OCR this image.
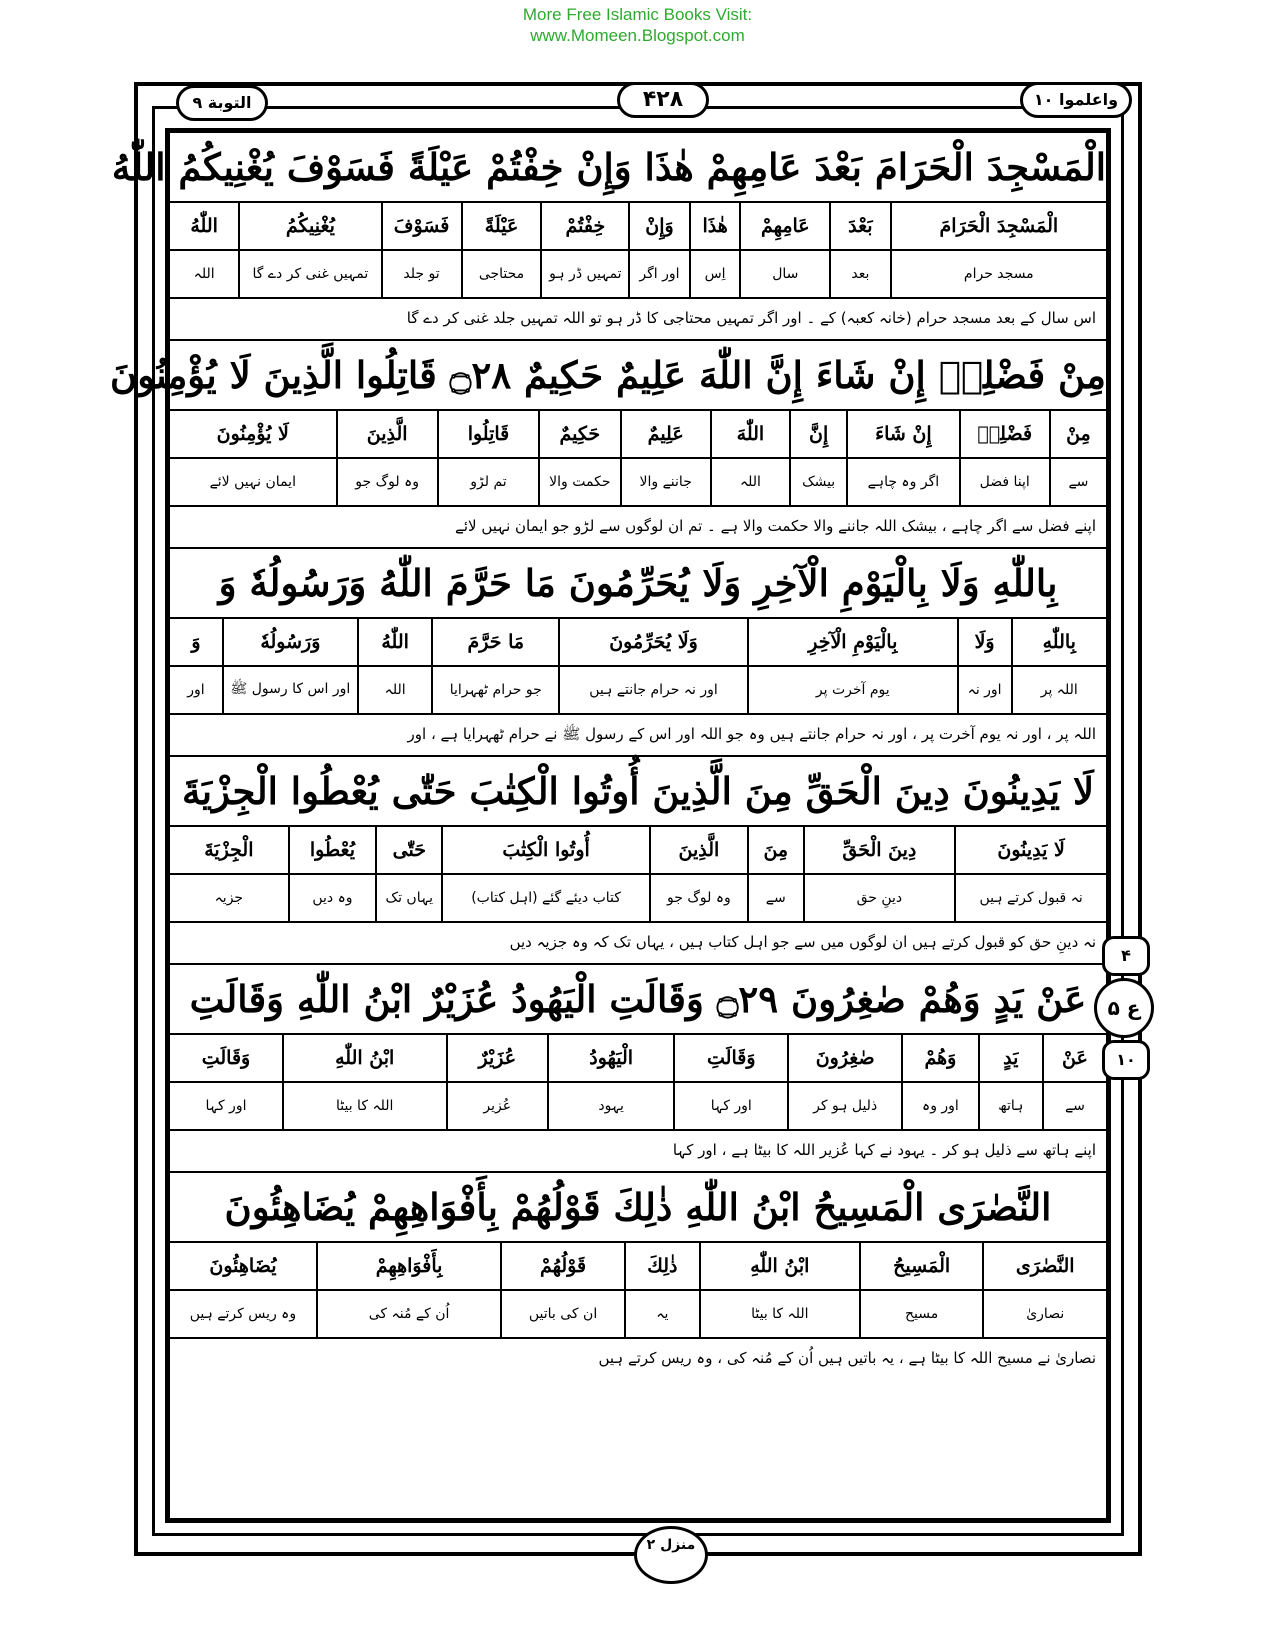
More Free Islamic Books Visit:
www.Momeen.Blogspot.com
التوبة ٩	۴۲۸	واعلموا ١٠
الْمَسْجِدَ الْحَرَامَ بَعْدَ عَامِهِمْ هٰذَا وَإِنْ خِفْتُمْ عَيْلَةً فَسَوْفَ يُغْنِيكُمُ اللّٰهُ
الْمَسْجِدَ الْحَرَامَ
مسجد حرام
بَعْدَ
بعد
عَامِهِمْ
سال
هٰذَا
اِس
وَإِنْ
اور اگر
خِفْتُمْ
تمہیں ڈر ہو
عَيْلَةً
محتاجی
فَسَوْفَ
تو جلد
يُغْنِيكُمُ
تمہیں غنی کر دے گا
اللّٰهُ
اللہ
اس سال کے بعد مسجد حرام (خانہ کعبہ) کے ۔ اور اگر تمہیں محتاجی کا ڈر ہو تو اللہ تمہیں جلد غنی کر دے گا
مِنْ فَضْلِهٖ إِنْ شَاءَ إِنَّ اللّٰهَ عَلِيمٌ حَكِيمٌ ۝٢٨ قَاتِلُوا الَّذِينَ لَا يُؤْمِنُونَ
مِنْ
سے
فَضْلِهٖ
اپنا فضل
إِنْ شَاءَ
اگر وہ چاہے
إِنَّ
بیشک
اللّٰهَ
اللہ
عَلِيمٌ
جاننے والا
حَكِيمٌ
حکمت والا
قَاتِلُوا
تم لڑو
الَّذِينَ
وہ لوگ جو
لَا يُؤْمِنُونَ
ایمان نہیں لائے
اپنے فضل سے اگر چاہے ، بیشک اللہ جاننے والا حکمت والا ہے ۔ تم ان لوگوں سے لڑو جو ایمان نہیں لائے
بِاللّٰهِ وَلَا بِالْيَوْمِ الْآخِرِ وَلَا يُحَرِّمُونَ مَا حَرَّمَ اللّٰهُ وَرَسُولُهٗ وَ
بِاللّٰهِ
اللہ پر
وَلَا
اور نہ
بِالْيَوْمِ الْآخِرِ
یوم آخرت پر
وَلَا يُحَرِّمُونَ
اور نہ حرام جانتے ہیں
مَا حَرَّمَ
جو حرام ٹھہرایا
اللّٰهُ
اللہ
وَرَسُولُهٗ
اور اس کا رسول ﷺ
وَ
اور
اللہ پر ، اور نہ یوم آخرت پر ، اور نہ حرام جانتے ہیں وہ جو اللہ اور اس کے رسول ﷺ نے حرام ٹھہرایا ہے ، اور
لَا يَدِينُونَ دِينَ الْحَقِّ مِنَ الَّذِينَ أُوتُوا الْكِتٰبَ حَتّٰى يُعْطُوا الْجِزْيَةَ
لَا يَدِينُونَ
نہ قبول کرتے ہیں
دِينَ الْحَقِّ
دینِ حق
مِنَ
سے
الَّذِينَ
وہ لوگ جو
أُوتُوا الْكِتٰبَ
کتاب دیئے گئے (اہل کتاب)
حَتّٰى
یہاں تک
يُعْطُوا
وہ دیں
الْجِزْيَةَ
جزیہ
نہ دینِ حق کو قبول کرتے ہیں ان لوگوں میں سے جو اہل کتاب ہیں ، یہاں تک کہ وہ جزیہ دیں
عَنْ يَدٍ وَهُمْ صٰغِرُونَ ۝٢٩ وَقَالَتِ الْيَهُودُ عُزَيْرٌ ابْنُ اللّٰهِ وَقَالَتِ
عَنْ
سے
يَدٍ
ہاتھ
وَهُمْ
اور وہ
صٰغِرُونَ
ذلیل ہو کر
وَقَالَتِ
اور کہا
الْيَهُودُ
یہود
عُزَيْرٌ
عُزیر
ابْنُ اللّٰهِ
اللہ کا بیٹا
وَقَالَتِ
اور کہا
اپنے ہاتھ سے ذلیل ہو کر ۔ یہود نے کہا عُزیر اللہ کا بیٹا ہے ، اور کہا
النَّصٰرَى الْمَسِيحُ ابْنُ اللّٰهِ ذٰلِكَ قَوْلُهُمْ بِأَفْوَاهِهِمْ يُضَاهِئُونَ
النَّصٰرَى
نصاریٰ
الْمَسِيحُ
مسیح
ابْنُ اللّٰهِ
اللہ کا بیٹا
ذٰلِكَ
یہ
قَوْلُهُمْ
ان کی باتیں
بِأَفْوَاهِهِمْ
اُن کے مُنہ کی
يُضَاهِئُونَ
وہ ریس کرتے ہیں
نصاریٰ نے مسیح اللہ کا بیٹا ہے ، یہ باتیں ہیں اُن کے مُنہ کی ، وہ ریس کرتے ہیں
۴
ع ۵
١٠
منزل ٢
